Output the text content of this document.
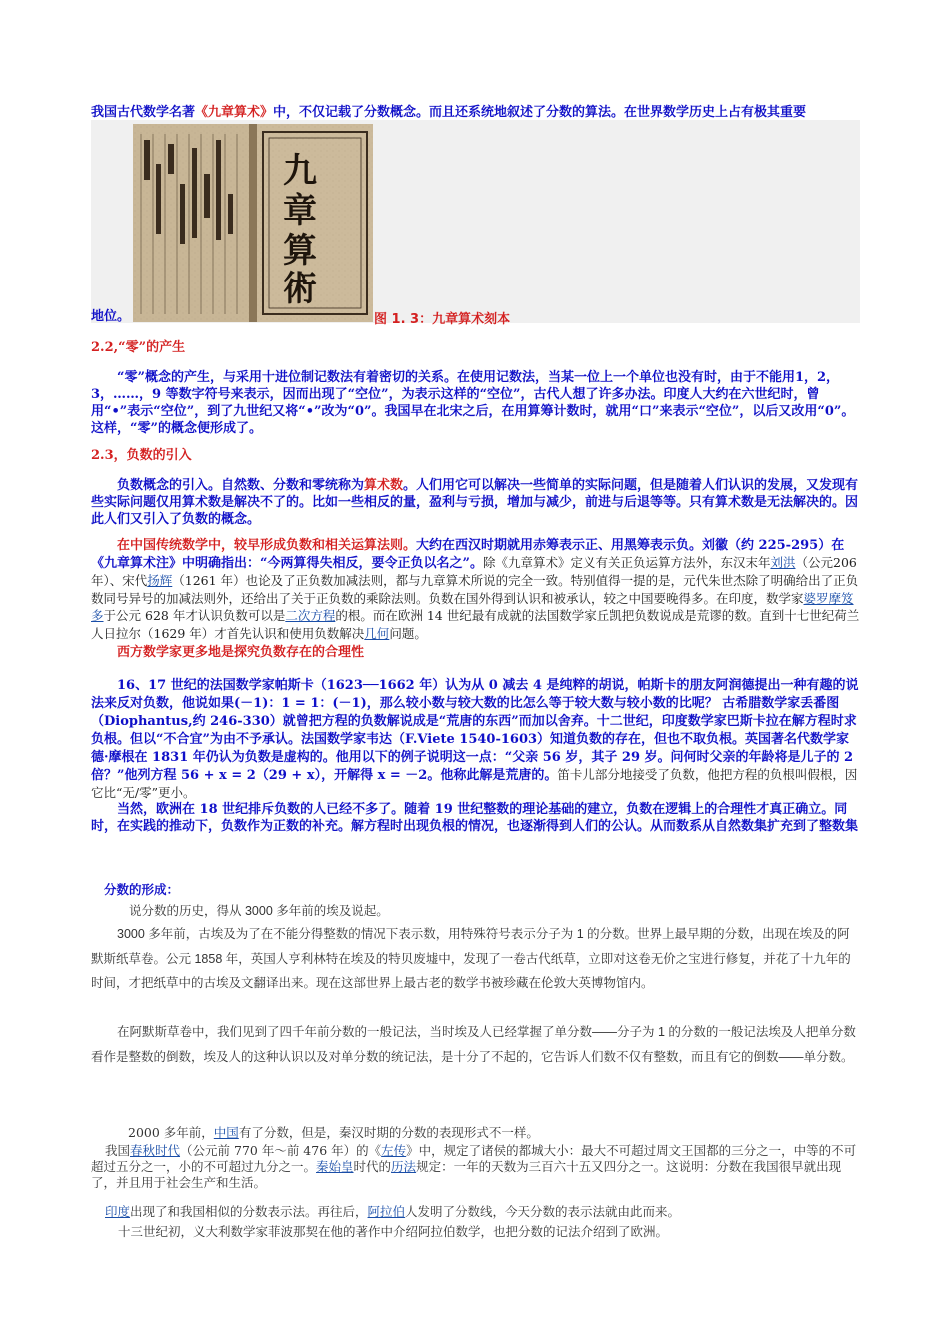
我国古代数学名著《九章算术》中，不仅记载了分数概念。而且还系统地叙述了分数的算法。在世界数学历史上占有极其重要
九
章
算
術
地位。	图 1. 3：九章算术刻本
2.2,“零”的产生

“零”概念的产生，与采用十进位制记数法有着密切的关系。在使用记数法，当某一位上一个单位也没有时，由于不能用1，2，3，……，9 等数字符号来表示，因而出现了“空位”，为表示这样的“空位”，古代人想了许多办法。印度人大约在六世纪时，曾用“•”表示“空位”，到了九世纪又将“•”改为“0”。我国早在北宋之后，在用算筹计数时，就用“口”来表示“空位”，以后又改用“0”。这样，“零”的概念便形成了。

2.3，负数的引入

负数概念的引入。自然数、分数和零统称为算术数。人们用它可以解决一些简单的实际问题，但是随着人们认识的发展，又发现有些实际问题仅用算术数是解决不了的。比如一些相反的量，盈利与亏损，增加与减少，前进与后退等等。只有算术数是无法解决的。因此人们又引入了负数的概念。

在中国传统数学中，较早形成负数和相关运算法则。大约在西汉时期就用赤筹表示正、用黑筹表示负。刘徽（约 225-295）在《九章算术注》中明确指出：“今两算得失相反，要令正负以名之”。除《九章算术》定义有关正负运算方法外，东汉末年刘洪（公元206 年）、宋代扬辉（1261 年）也论及了正负数加减法则，都与九章算术所说的完全一致。特别值得一提的是，元代朱世杰除了明确给出了正负数同号异号的加减法则外，还给出了关于正负数的乘除法则。负数在国外得到认识和被承认，较之中国要晚得多。在印度，数学家婆罗摩笈多于公元 628 年才认识负数可以是二次方程的根。而在欧洲 14 世纪最有成就的法国数学家丘凯把负数说成是荒谬的数。直到十七世纪荷兰人日拉尔（1629 年）才首先认识和使用负数解决几何问题。

西方数学家更多地是探究负数存在的合理性

16、17 世纪的法国数学家帕斯卡（1623──1662 年）认为从 0 减去 4 是纯粹的胡说，帕斯卡的朋友阿润德提出一种有趣的说法来反对负数，他说如果(－1)：1 = 1：(－1)，那么较小数与较大数的比怎么等于较大数与较小数的比呢？ 古希腊数学家丢番图（Diophantus,约 246-330）就曾把方程的负数解说成是“荒唐的东西”而加以舍弃。十二世纪，印度数学家巴斯卡拉在解方程时求负根。但以“不合宜”为由不予承认。法国数学家韦达（F.Viete 1540-1603）知道负数的存在，但也不取负根。英国著名代数学家德·摩根在 1831 年仍认为负数是虚构的。他用以下的例子说明这一点：“父亲 56 岁，其子 29 岁。问何时父亲的年龄将是儿子的 2 倍？”他列方程 56 + x = 2（29 + x），开解得 x = －2。他称此解是荒唐的。笛卡儿部分地接受了负数，他把方程的负根叫假根，因它比“无/零”更小。

当然，欧洲在 18 世纪排斥负数的人已经不多了。随着 19 世纪整数的理论基础的建立，负数在逻辑上的合理性才真正确立。同时，在实践的推动下，负数作为正数的补充。解方程时出现负根的情况，也逐渐得到人们的公认。从而数系从自然数集扩充到了整数集

分数的形成：

说分数的历史，得从 3000 多年前的埃及说起。

3000 多年前，古埃及为了在不能分得整数的情况下表示数，用特殊符号表示分子为 1 的分数。世界上最早期的分数，出现在埃及的阿默斯纸草卷。公元 1858 年，英国人亨利林特在埃及的特贝废墟中，发现了一卷古代纸草，立即对这卷无价之宝进行修复，并花了十九年的时间，才把纸草中的古埃及文翻译出来。现在这部世界上最古老的数学书被珍藏在伦敦大英博物馆内。

在阿默斯草卷中，我们见到了四千年前分数的一般记法，当时埃及人已经掌握了单分数——分子为 1 的分数的一般记法埃及人把单分数看作是整数的倒数，埃及人的这种认识以及对单分数的统记法，是十分了不起的，它告诉人们数不仅有整数，而且有它的倒数——单分数。

2000 多年前，中国有了分数，但是，秦汉时期的分数的表现形式不一样。

我国春秋时代（公元前 770 年～前 476 年）的《左传》中，规定了诸侯的都城大小：最大不可超过周文王国都的三分之一，中等的不可超过五分之一，小的不可超过九分之一。秦始皇时代的历法规定：一年的天数为三百六十五又四分之一。这说明：分数在我国很早就出现了，并且用于社会生产和生活。

印度出现了和我国相似的分数表示法。再往后，阿拉伯人发明了分数线，今天分数的表示法就由此而来。

十三世纪初，义大利数学家菲波那契在他的著作中介绍阿拉伯数学，也把分数的记法介绍到了欧洲。
